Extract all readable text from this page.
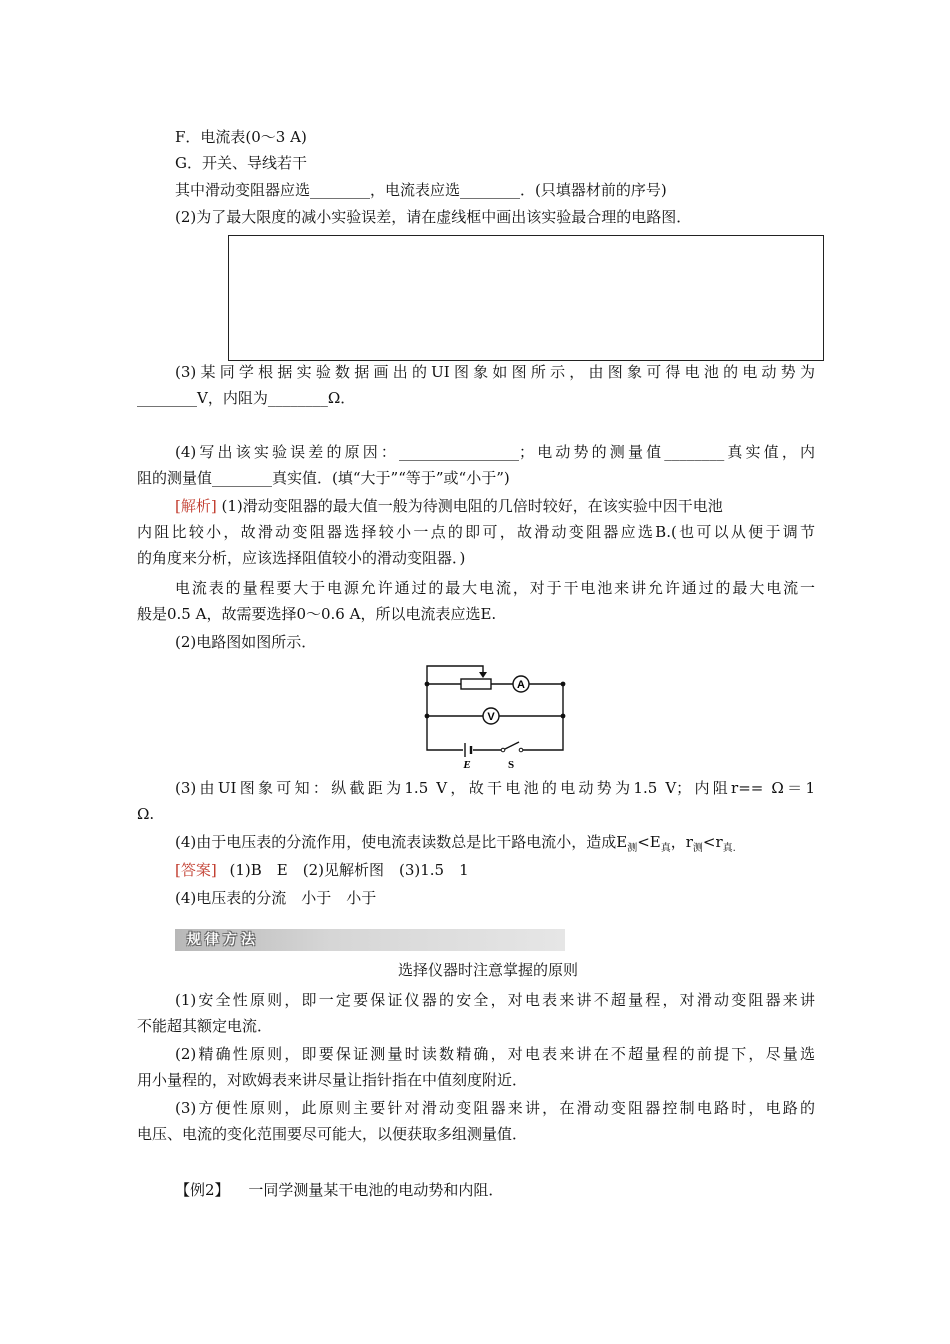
F．电流表(0～3 A)
G．开关、导线若干
其中滑动变阻器应选________，电流表应选________．(只填器材前的序号)
(2)为了最大限度的减小实验误差，请在虚线框中画出该实验最合理的电路图．
(3)某同学根据实验数据画出的UI图象如图所示，由图象可得电池的电动势为
________V，内阻为________Ω．
(4)写出该实验误差的原因：________________；电动势的测量值________真实值，内
阻的测量值________真实值．(填“大于”“等于”或“小于”)
[解析] (1)滑动变阻器的最大值一般为待测电阻的几倍时较好，在该实验中因干电池
内阻比较小，故滑动变阻器选择较小一点的即可，故滑动变阻器应选B.(也可以从便于调节
的角度来分析，应该选择阻值较小的滑动变阻器．)
电流表的量程要大于电源允许通过的最大电流，对于干电池来讲允许通过的最大电流一
般是0.5 A，故需要选择0～0.6 A，所以电流表应选E.
(2)电路图如图所示．
A
V
E	S
(3)由UI图象可知：纵截距为1.5 V，故干电池的电动势为1.5 V；内阻r== Ω＝1
Ω.
(4)由于电压表的分流作用，使电流表读数总是比干路电流小，造成$E_测<E_真$，$r_测<r_{真.}$
[答案] (1)B　E　(2)见解析图　(3)1.5　1
(4)电压表的分流　小于　小于
规律方法
选择仪器时注意掌握的原则
(1)安全性原则，即一定要保证仪器的安全，对电表来讲不超量程，对滑动变阻器来讲
不能超其额定电流．
(2)精确性原则，即要保证测量时读数精确，对电表来讲在不超量程的前提下，尽量选
用小量程的，对欧姆表来讲尽量让指针指在中值刻度附近．
(3)方便性原则，此原则主要针对滑动变阻器来讲，在滑动变阻器控制电路时，电路的
电压、电流的变化范围要尽可能大，以便获取多组测量值．
【例2】 一同学测量某干电池的电动势和内阻．
